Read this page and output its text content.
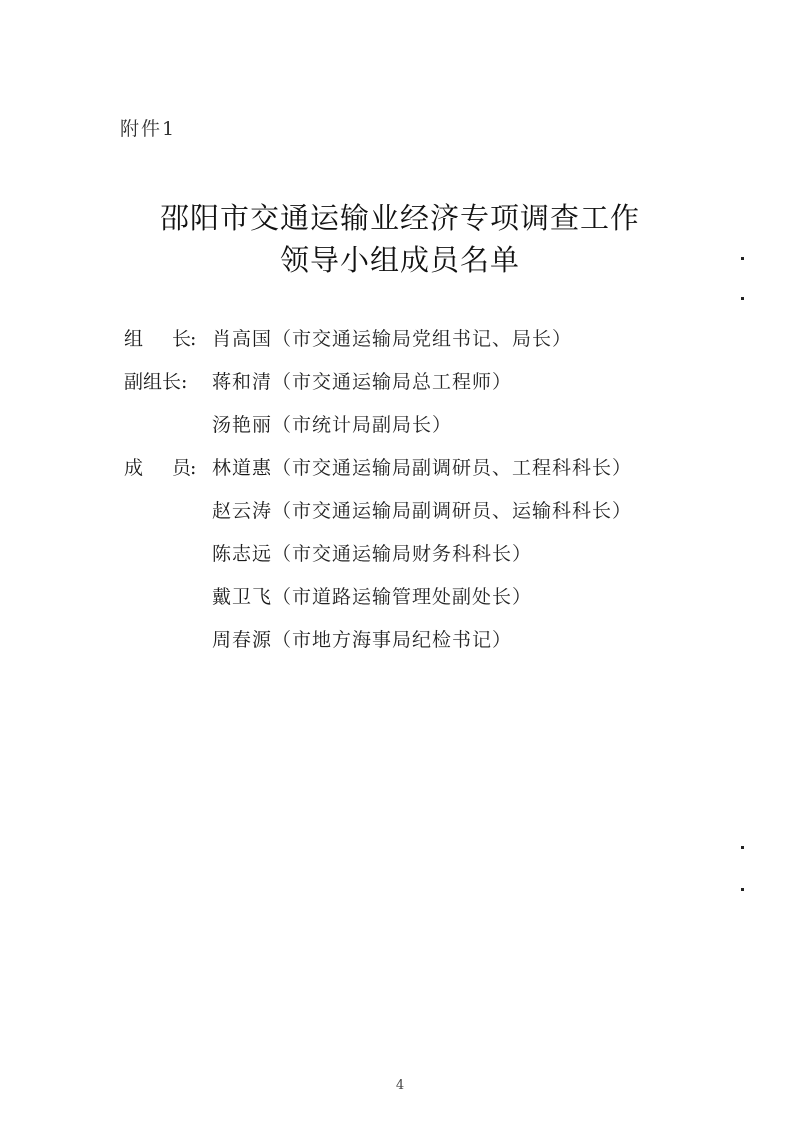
附件1
邵阳市交通运输业经济专项调查工作
领导小组成员名单
组 长
: 肖高国（市交通运输局党组书记、局长）
副组长:	蒋和清（市交通运输局总工程师）
汤艳丽（市统计局副局长）
成 员
: 林道惠（市交通运输局副调研员、工程科科长）
赵云涛（市交通运输局副调研员、运输科科长）
陈志远（市交通运输局财务科科长）
戴卫飞（市道路运输管理处副处长）
周春源（市地方海事局纪检书记）
4
